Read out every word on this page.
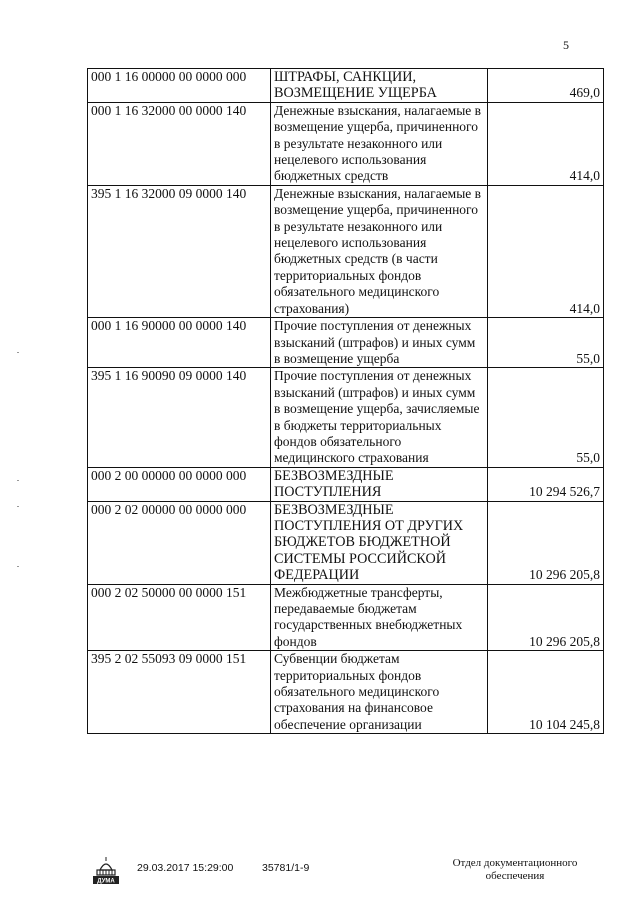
5
000 1 16 00000 00 0000 000	ШТРАФЫ, САНКЦИИ, ВОЗМЕЩЕНИЕ УЩЕРБА	469,0
000 1 16 32000 00 0000 140	Денежные взыскания, налагаемые в возмещение ущерба, причиненного в результате незаконного или нецелевого использования бюджетных средств	414,0
395 1 16 32000 09 0000 140	Денежные взыскания, налагаемые в возмещение ущерба, причиненного в результате незаконного или нецелевого использования бюджетных средств (в части территориальных фондов обязательного медицинского страхования)	414,0
000 1 16 90000 00 0000 140	Прочие поступления от денежных взысканий (штрафов) и иных сумм в возмещение ущерба	55,0
395 1 16 90090 09 0000 140	Прочие поступления от денежных взысканий (штрафов) и иных сумм в возмещение ущерба, зачисляемые в бюджеты территориальных фондов обязательного медицинского страхования	55,0
000 2 00 00000 00 0000 000	БЕЗВОЗМЕЗДНЫЕ ПОСТУПЛЕНИЯ	10 294 526,7
000 2 02 00000 00 0000 000	БЕЗВОЗМЕЗДНЫЕ ПОСТУПЛЕНИЯ ОТ ДРУГИХ БЮДЖЕТОВ БЮДЖЕТНОЙ СИСТЕМЫ РОССИЙСКОЙ ФЕДЕРАЦИИ	10 296 205,8
000 2 02 50000 00 0000 151	Межбюджетные трансферты, передаваемые бюджетам государственных внебюджетных фондов	10 296 205,8
395 2 02 55093 09 0000 151	Субвенции бюджетам территориальных фондов обязательного медицинского страхования на финансовое обеспечение организации	10 104 245,8
ДУМА
29.03.2017 15:29:00	35781/1-9	Отдел документационного
обеспечения
